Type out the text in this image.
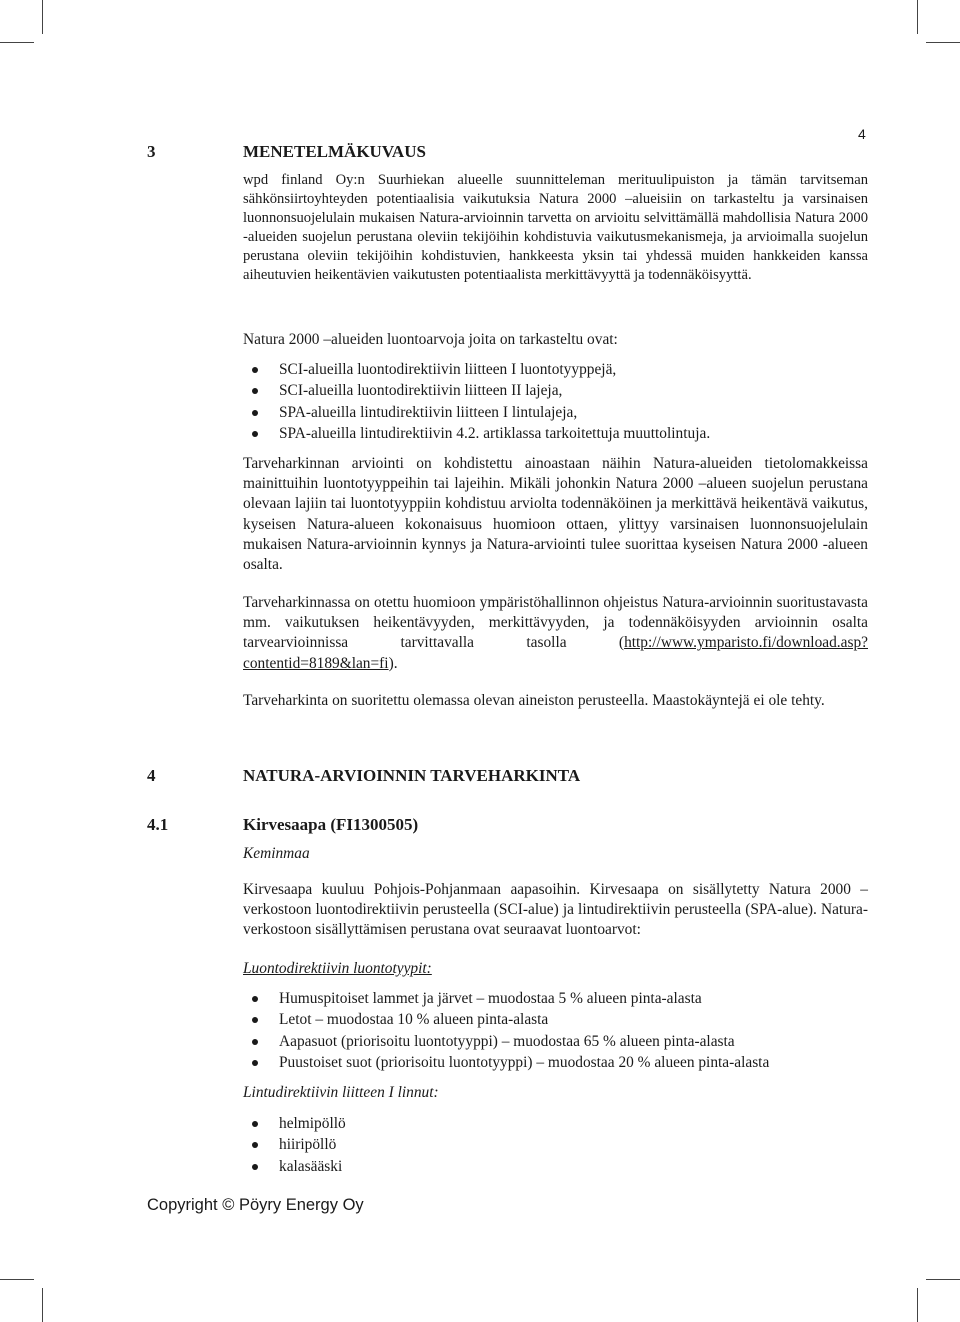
4
3	MENETELMÄKUVAUS
wpd finland Oy:n Suurhiekan alueelle suunnitteleman merituulipuiston ja tämän tarvitseman sähkönsiirtoyhteyden potentiaalisia vaikutuksia Natura 2000 –alueisiin on tarkasteltu ja varsinaisen luonnonsuojelulain mukaisen Natura-arvioinnin tarvetta on arvioitu selvittämällä mahdollisia Natura 2000 -alueiden suojelun perustana oleviin tekijöihin kohdistuvia vaikutusmekanismeja, ja arvioimalla suojelun perustana oleviin tekijöihin kohdistuvien, hankkeesta yksin tai yhdessä muiden hankkeiden kanssa aiheutuvien heikentävien vaikutusten potentiaalista merkittävyyttä ja todennäköisyyttä.
Natura 2000 –alueiden luontoarvoja joita on tarkasteltu ovat:
SCI-alueilla luontodirektiivin liitteen I luontotyyppejä,
SCI-alueilla luontodirektiivin liitteen II lajeja,
SPA-alueilla lintudirektiivin liitteen I lintulajeja,
SPA-alueilla lintudirektiivin 4.2. artiklassa tarkoitettuja muuttolintuja.
Tarveharkinnan arviointi on kohdistettu ainoastaan näihin Natura-alueiden tietolomakkeissa mainittuihin luontotyyppeihin tai lajeihin. Mikäli johonkin Natura 2000 –alueen suojelun perustana olevaan lajiin tai luontotyyppiin kohdistuu arviolta todennäköinen ja merkittävä heikentävä vaikutus, kyseisen Natura-alueen kokonaisuus huomioon ottaen, ylittyy varsinaisen luonnonsuojelulain mukaisen Natura-arvioinnin kynnys ja Natura-arviointi tulee suorittaa kyseisen Natura 2000 -alueen osalta.
Tarveharkinnassa on otettu huomioon ympäristöhallinnon ohjeistus Natura-arvioinnin suoritustavasta mm. vaikutuksen heikentävyyden, merkittävyyden, ja todennäköisyyden arvioinnin osalta tarvearvioinnissa tarvittavalla tasolla (http://www.ymparisto.fi/download.asp?contentid=8189&lan=fi).
Tarveharkinta on suoritettu olemassa olevan aineiston perusteella. Maastokäyntejä ei ole tehty.
4	NATURA-ARVIOINNIN TARVEHARKINTA
4.1	Kirvesaapa (FI1300505)
Keminmaa
Kirvesaapa kuuluu Pohjois-Pohjanmaan aapasoihin. Kirvesaapa on sisällytetty Natura 2000 –verkostoon luontodirektiivin perusteella (SCI-alue) ja lintudirektiivin perusteella (SPA-alue). Natura-verkostoon sisällyttämisen perustana ovat seuraavat luontoarvot:
Luontodirektiivin luontotyypit:
Humuspitoiset lammet ja järvet – muodostaa 5 % alueen pinta-alasta
Letot – muodostaa 10 % alueen pinta-alasta
Aapasuot (priorisoitu luontotyyppi) – muodostaa 65 % alueen pinta-alasta
Puustoiset suot (priorisoitu luontotyyppi) – muodostaa 20 % alueen pinta-alasta
Lintudirektiivin liitteen I linnut:
helmipöllö
hiiripöllö
kalasääski
Copyright © Pöyry Energy Oy
